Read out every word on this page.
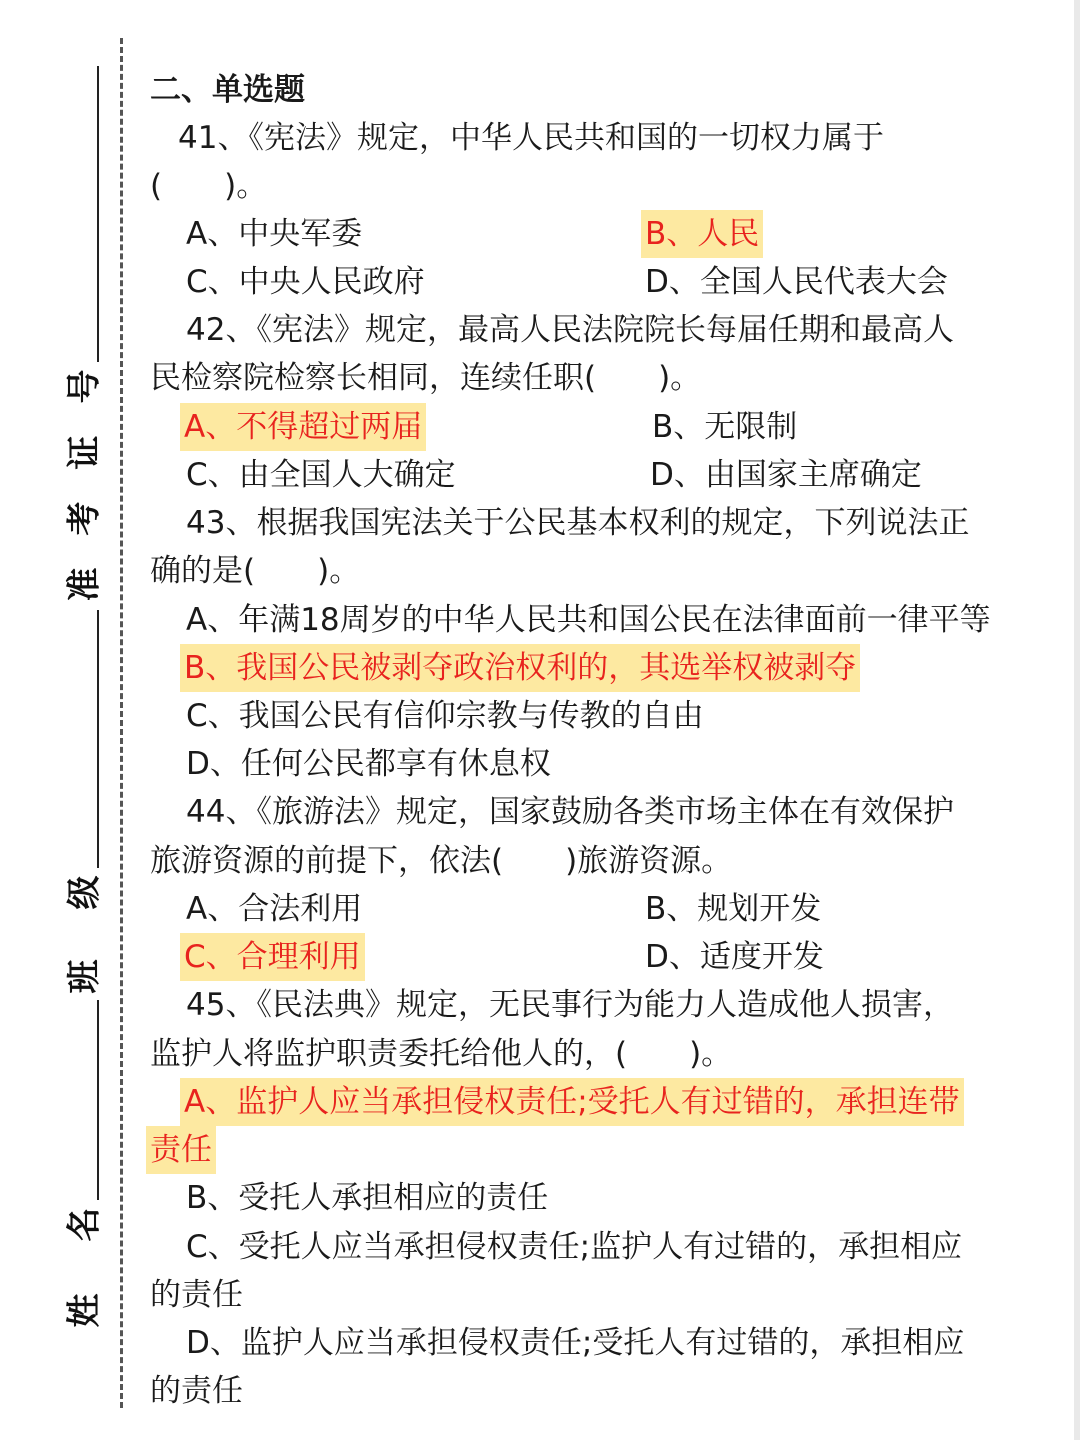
号
证
考
准
级
班
名
姓
二、单选题
41、《宪法》规定，中华人民共和国的一切权力属于
(　　)。
A、中央军委	B、人民
C、中央人民政府	D、全国人民代表大会
42、《宪法》规定，最高人民法院院长每届任期和最高人
民检察院检察长相同，连续任职(　　)。
A、不得超过两届	B、无限制
C、由全国人大确定	D、由国家主席确定
43、根据我国宪法关于公民基本权利的规定，下列说法正
确的是(　　)。
A、年满18周岁的中华人民共和国公民在法律面前一律平等
B、我国公民被剥夺政治权利的，其选举权被剥夺
C、我国公民有信仰宗教与传教的自由
D、任何公民都享有休息权
44、《旅游法》规定，国家鼓励各类市场主体在有效保护
旅游资源的前提下，依法(　　)旅游资源。
A、合法利用	B、规划开发
C、合理利用	D、适度开发
45、《民法典》规定，无民事行为能力人造成他人损害，
监护人将监护职责委托给他人的，(　　)。
A、监护人应当承担侵权责任;受托人有过错的，承担连带
责任
B、受托人承担相应的责任
C、受托人应当承担侵权责任;监护人有过错的，承担相应
的责任
D、监护人应当承担侵权责任;受托人有过错的，承担相应
的责任
